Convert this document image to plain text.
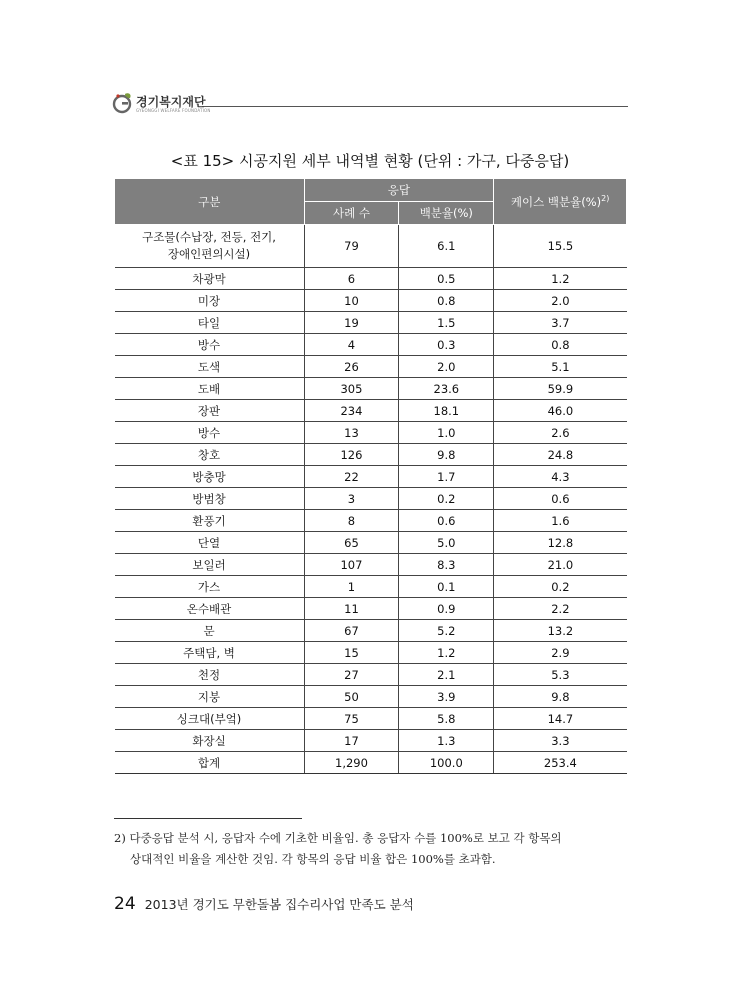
경기복지재단
GYEONGGI WELFARE FOUNDATION
<표 15> 시공지원 세부 내역별 현황 (단위 : 가구, 다중응답)
구분	응답		케이스 백분율(%)$^{2)}$
	사례 수	백분율(%)	

구조물(수납장, 전등, 전기,
장애인편의시설)	79	6.1	15.5
차광막	6	0.5	1.2
미장	10	0.8	2.0
타일	19	1.5	3.7
방수	4	0.3	0.8
도색	26	2.0	5.1
도배	305	23.6	59.9
장판	234	18.1	46.0
방수	13	1.0	2.6
창호	126	9.8	24.8
방충망	22	1.7	4.3
방범창	3	0.2	0.6
환풍기	8	0.6	1.6
단열	65	5.0	12.8
보일러	107	8.3	21.0
가스	1	0.1	0.2
온수배관	11	0.9	2.2
문	67	5.2	13.2
주택담, 벽	15	1.2	2.9
천정	27	2.1	5.3
지붕	50	3.9	9.8
싱크대(부엌)	75	5.8	14.7
화장실	17	1.3	3.3
합계	1,290	100.0	253.4
2) 다중응답 분석 시, 응답자 수에 기초한 비율임. 총 응답자 수를 100%로 보고 각 항목의
상대적인 비율을 계산한 것임. 각 항목의 응답 비율 합은 100%를 초과함.
24 2013년 경기도 무한돌봄 집수리사업 만족도 분석
